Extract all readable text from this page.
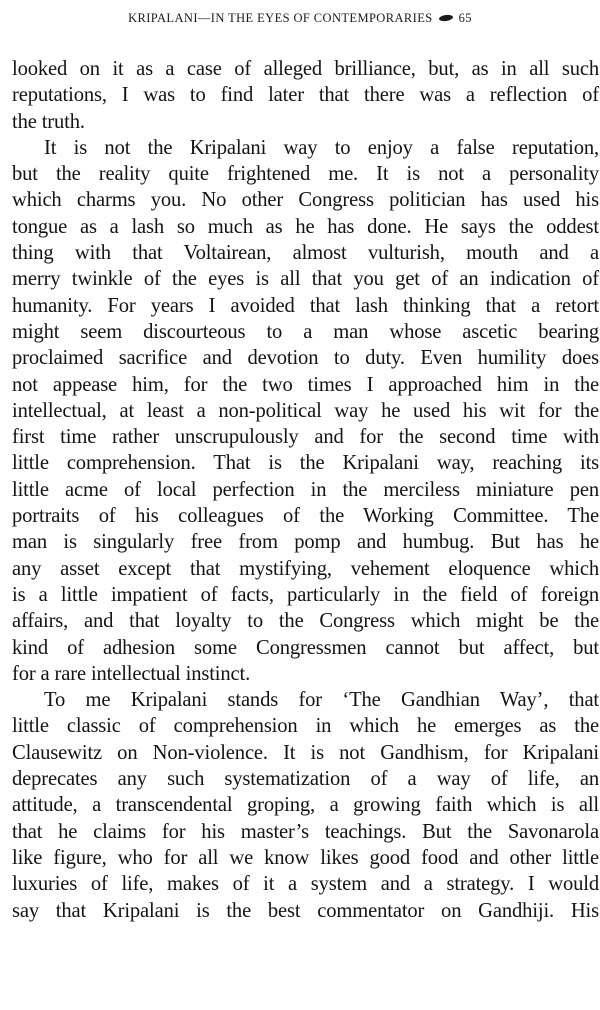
KRIPALANI—IN THE EYES OF CONTEMPORARIES 65
looked on it as a case of alleged brilliance, but, as in all such
reputations, I was to find later that there was a reflection of
the truth.
It is not the Kripalani way to enjoy a false reputation,
but the reality quite frightened me. It is not a personality
which charms you. No other Congress politician has used his
tongue as a lash so much as he has done. He says the oddest
thing with that Voltairean, almost vulturish, mouth and a
merry twinkle of the eyes is all that you get of an indication of
humanity. For years I avoided that lash thinking that a retort
might seem discourteous to a man whose ascetic bearing
proclaimed sacrifice and devotion to duty. Even humility does
not appease him, for the two times I approached him in the
intellectual, at least a non-political way he used his wit for the
first time rather unscrupulously and for the second time with
little comprehension. That is the Kripalani way, reaching its
little acme of local perfection in the merciless miniature pen
portraits of his colleagues of the Working Committee. The
man is singularly free from pomp and humbug. But has he
any asset except that mystifying, vehement eloquence which
is a little impatient of facts, particularly in the field of foreign
affairs, and that loyalty to the Congress which might be the
kind of adhesion some Congressmen cannot but affect, but
for a rare intellectual instinct.
To me Kripalani stands for ‘The Gandhian Way’, that
little classic of comprehension in which he emerges as the
Clausewitz on Non-violence. It is not Gandhism, for Kripalani
deprecates any such systematization of a way of life, an
attitude, a transcendental groping, a growing faith which is all
that he claims for his master’s teachings. But the Savonarola
like figure, who for all we know likes good food and other little
luxuries of life, makes of it a system and a strategy. I would
say that Kripalani is the best commentator on Gandhiji. His
